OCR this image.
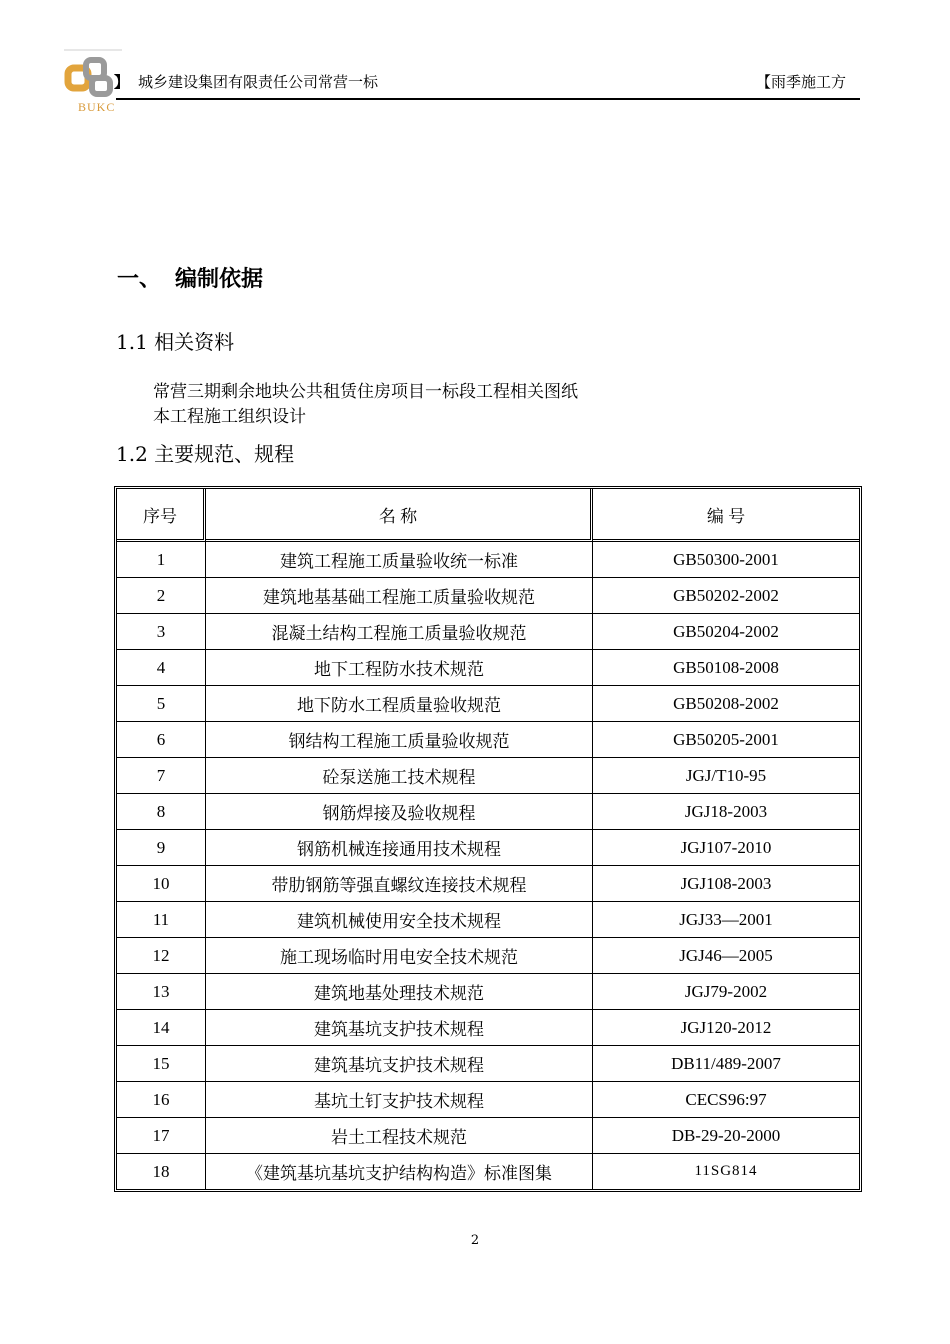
BUKC
】 城乡建设集团有限责任公司常营一标	【雨季施工方
一、 编制依据
1.1 相关资料
常营三期剩余地块公共租赁住房项目一标段工程相关图纸
本工程施工组织设计
1.2 主要规范、规程
序号	名 称	编 号
1	建筑工程施工质量验收统一标准	GB50300-2001
2	建筑地基基础工程施工质量验收规范	GB50202-2002
3	混凝土结构工程施工质量验收规范	GB50204-2002
4	地下工程防水技术规范	GB50108-2008
5	地下防水工程质量验收规范	GB50208-2002
6	钢结构工程施工质量验收规范	GB50205-2001
7	砼泵送施工技术规程	JGJ/T10-95
8	钢筋焊接及验收规程	JGJ18-2003
9	钢筋机械连接通用技术规程	JGJ107-2010
10	带肋钢筋等强直螺纹连接技术规程	JGJ108-2003
11	建筑机械使用安全技术规程	JGJ33—2001
12	施工现场临时用电安全技术规范	JGJ46—2005
13	建筑地基处理技术规范	JGJ79-2002
14	建筑基坑支护技术规程	JGJ120-2012
15	建筑基坑支护技术规程	DB11/489-2007
16	基坑土钉支护技术规程	CECS96:97
17	岩土工程技术规范	DB-29-20-2000
18	《建筑基坑基坑支护结构构造》标准图集	11SG814
2
